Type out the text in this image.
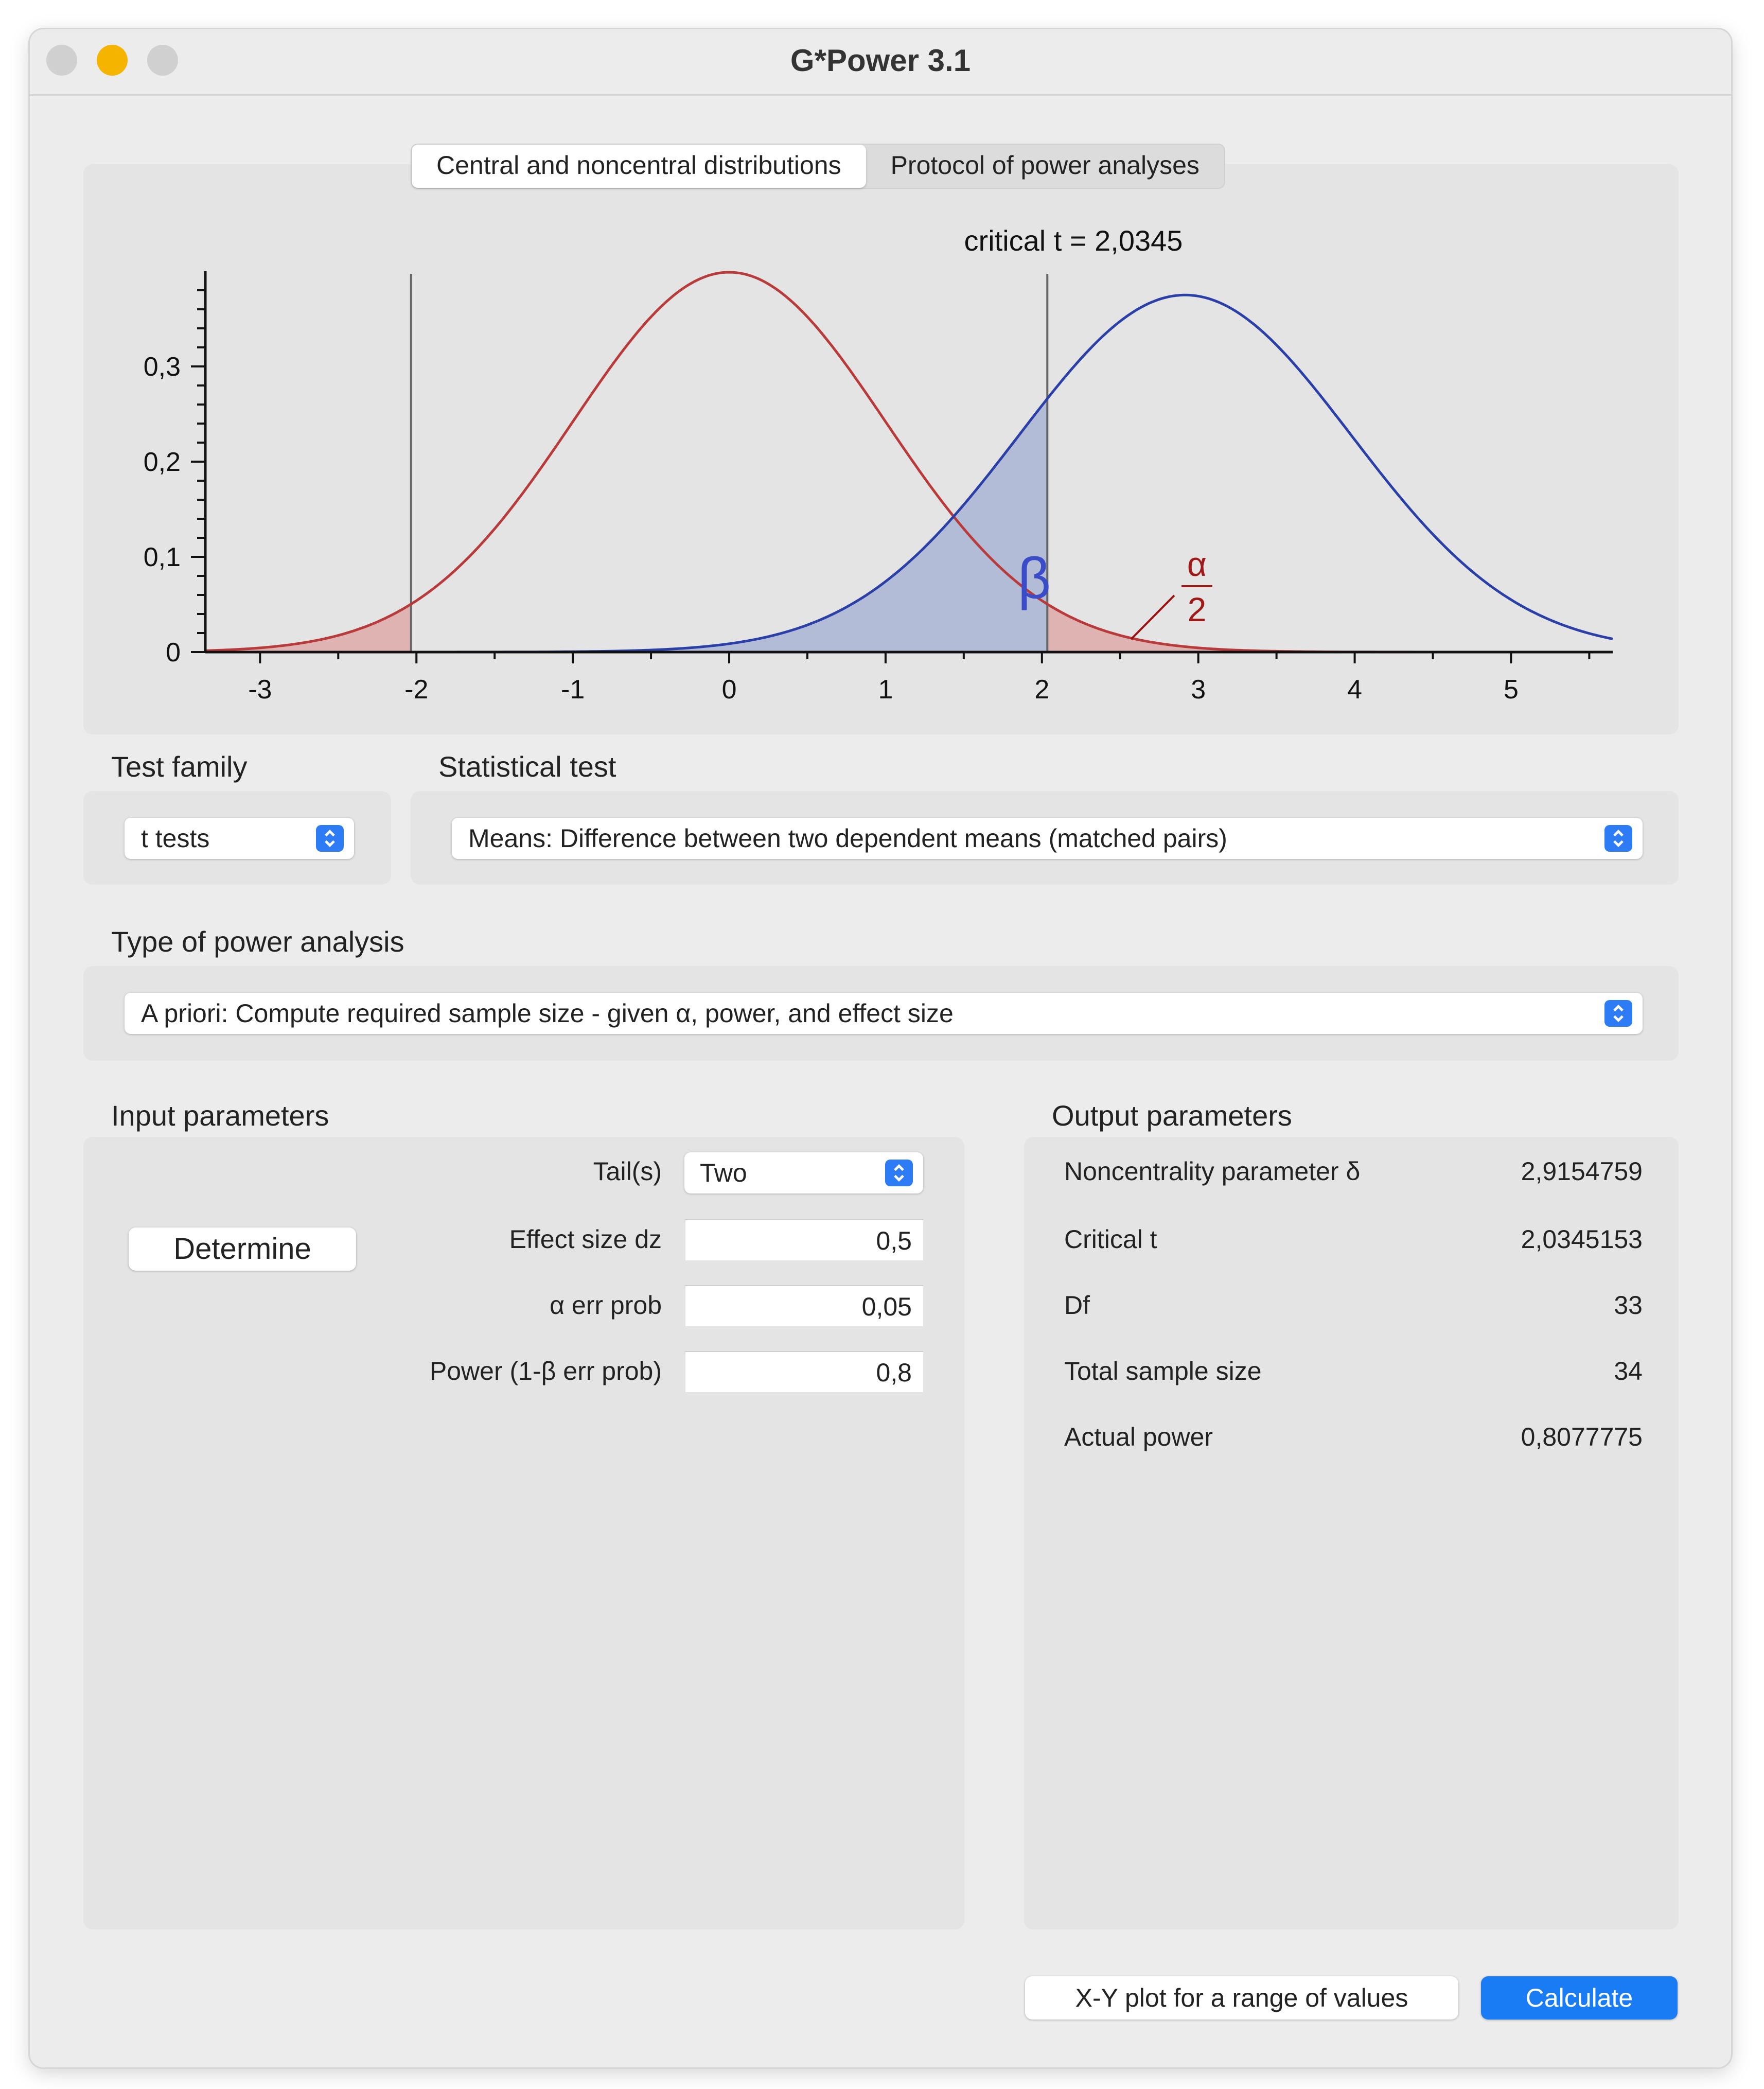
G*Power 3.1
0
0,1
0,2
0,3
-3	-2	-1	0	1	2	3	4	5
critical t = 2,0345
β	α
2
Central and noncentral distributions	Protocol of power analyses
Test family
t tests
Statistical test
Means: Difference between two dependent means (matched pairs)
Type of power analysis
A priori: Compute required sample size - given α, power, and effect size
Input parameters
Tail(s)	Two
Determine	Effect size dz	0,5
α err prob	0,05
Power (1-β err prob)	0,8
Output parameters
Noncentrality parameter δ	2,9154759
Critical t	2,0345153
Df	33
Total sample size	34
Actual power	0,8077775
X-Y plot for a range of values	Calculate
